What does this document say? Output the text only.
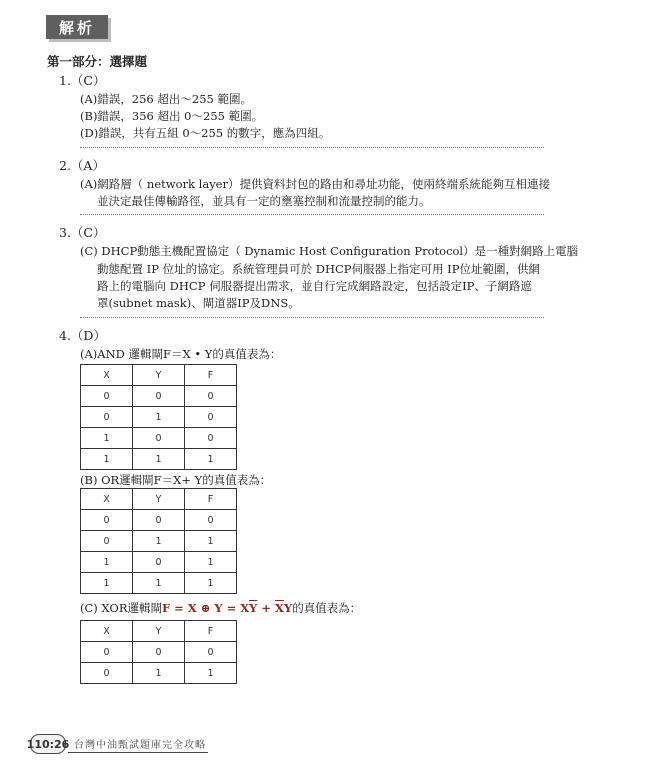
解析
第一部分：選擇題
1.（C）
(A)錯誤，256 超出～255 範圍。
(B)錯誤，356 超出 0～255 範圍。
(D)錯誤，共有五組 0～255 的數字，應為四組。
2.（A）
(A)網路層（ network layer）提供資料封包的路由和尋址功能，使兩終端系統能夠互相連接
並決定最佳傳輸路徑，並具有一定的壅塞控制和流量控制的能力。
3.（C）
(C) DHCP動態主機配置協定（ Dynamic Host Configuration Protocol）是一種對網路上電腦
動態配置 IP 位址的協定。系統管理員可於 DHCP伺服器上指定可用 IP位址範圍，供網
路上的電腦向 DHCP 伺服器提出需求，並自行完成網路設定，包括設定IP、子網路遮
罩(subnet mask)、閘道器IP及DNS。
4.（D）
(A)AND 邏輯閘F＝X • Y的真值表為：
X	Y	F
0	0	0
0	1	0
1	0	0
1	1	1
(B) OR邏輯閘F＝X+ Y的真值表為：
X	Y	F
0	0	0
0	1	1
1	0	1
1	1	1
(C) XOR邏輯閘F = X ⊕ $Y = X\overline{Y} + \overline{X}Y$的真值表為：
X	Y	F
0	0	0
0	1	1
110:26 台灣中油甄試題庫完全攻略
